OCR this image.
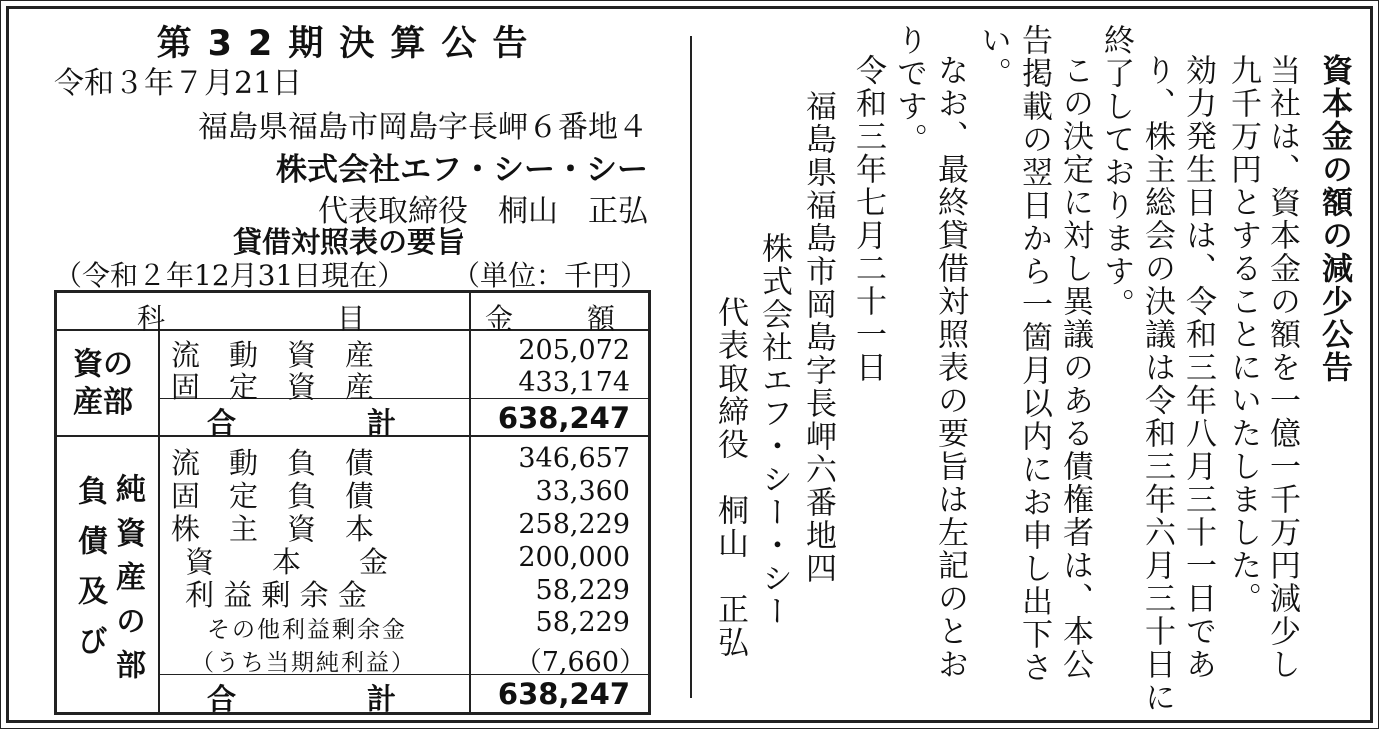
第32期決算公告
令和３年７月21日
福島県福島市岡島字長岬６番地４
株式会社エフ・シー・シー
代表取締役　桐山　正弘
貸借対照表の要旨
（令和２年12月31日現在） （単位：千円）
科	目	金	額
資の
産部
流　動　資　産	205,072
固　定　資　産	433,174
合	計	638,247
純資産の部
負債及び
流　動　負　債	346,657
固　定　負　債	33,360
株　主　資　本	258,229
資　　本　　金	200,000
利 益 剰 余 金	58,229
その他利益剰余金	58,229
（うち当期純利益）	（7,660）
合	計	638,247
資本金の額の減少公告
当社は、資本金の額を一億一千万円減少し
九千万円とすることにいたしました。
効力発生日は、令和三年八月三十一日であ
り、株主総会の決議は令和三年六月三十日に
終了しております。
この決定に対し異議のある債権者は、本公
告掲載の翌日から一箇月以内にお申し出下さ
い。
なお、最終貸借対照表の要旨は左記のとお
りです。
令和三年七月二十一日
福島県福島市岡島字長岬六番地四
株式会社エフ・シー・シー
代表取締役　桐山　正弘
